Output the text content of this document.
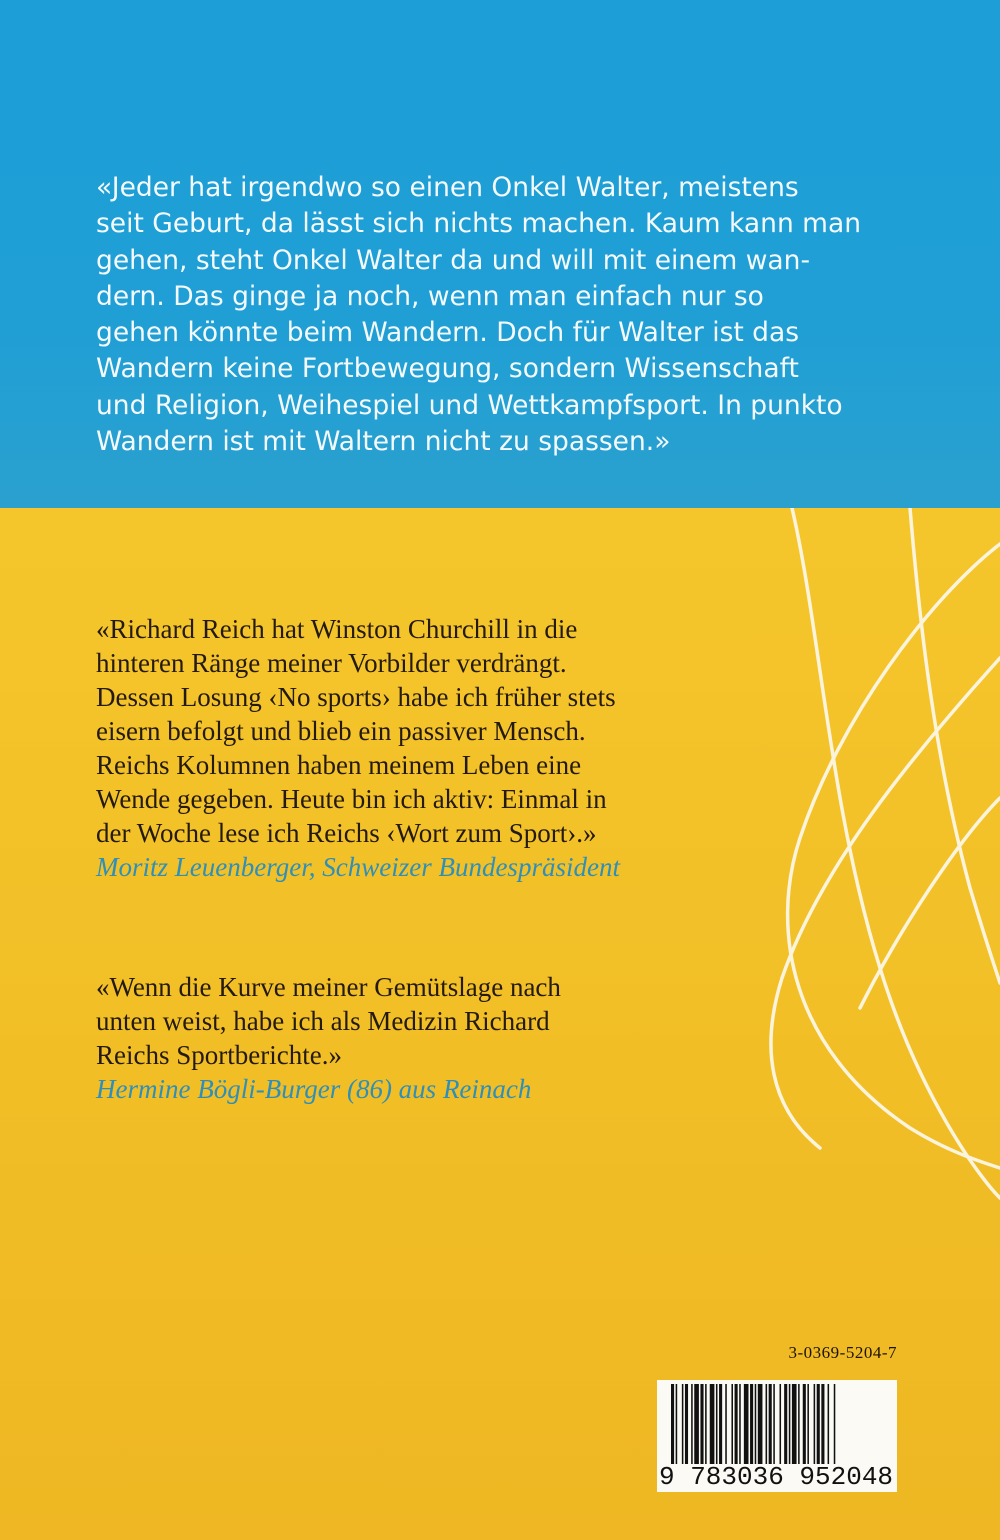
«Jeder hat irgendwo so einen Onkel Walter, meistens
seit Geburt, da lässt sich nichts machen. Kaum kann man
gehen, steht Onkel Walter da und will mit einem wan-
dern. Das ginge ja noch, wenn man einfach nur so
gehen könnte beim Wandern. Doch für Walter ist das
Wandern keine Fortbewegung, sondern Wissenschaft
und Religion, Weihespiel und Wettkampfsport. In punkto
Wandern ist mit Waltern nicht zu spassen.»

«Richard Reich hat Winston Churchill in die
hinteren Ränge meiner Vorbilder verdrängt.
Dessen Losung ‹No sports› habe ich früher stets
eisern befolgt und blieb ein passiver Mensch.
Reichs Kolumnen haben meinem Leben eine
Wende gegeben. Heute bin ich aktiv: Einmal in
der Woche lese ich Reichs ‹Wort zum Sport›.»
Moritz Leuenberger, Schweizer Bundespräsident

«Wenn die Kurve meiner Gemütslage nach
unten weist, habe ich als Medizin Richard
Reichs Sportberichte.»
Hermine Bögli-Burger (86) aus Reinach

3-0369-5204-7
9 783036 952048
